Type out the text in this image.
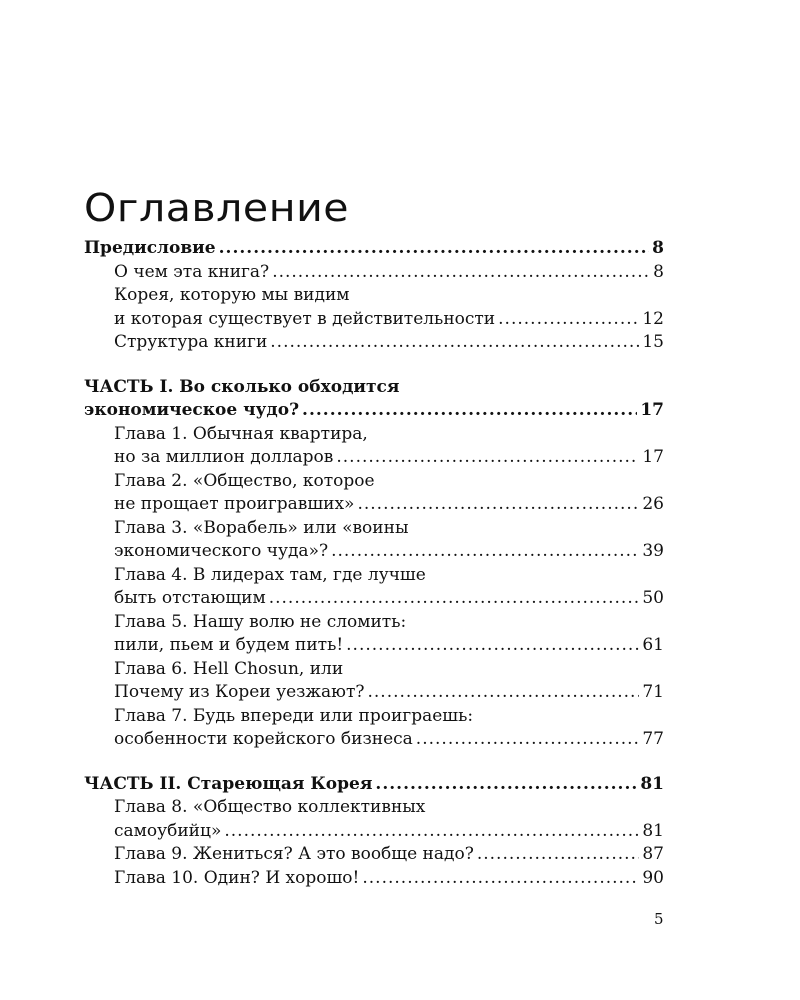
Оглавление
Предисловие .....	8
О чем эта книга? .....	8
Корея, которую мы видим
и которая существует в действительности .....	12
Структура книги .....	15
ЧАСТЬ I. Во сколько обходится
экономическое чудо? .....	17
Глава 1. Обычная квартира,
но за миллион долларов .....	17
Глава 2. «Общество, которое
не прощает проигравших» .....	26
Глава 3. «Ворабель» или «воины
экономического чуда»? .....	39
Глава 4. В лидерах там, где лучше
быть отстающим .....	50
Глава 5. Нашу волю не сломить:
пили, пьем и будем пить! .....	61
Глава 6. Hell Chosun, или
Почему из Кореи уезжают? .....	71
Глава 7. Будь впереди или проиграешь:
особенности корейского бизнеса .....	77
ЧАСТЬ II. Стареющая Корея .....	81
Глава 8. «Общество коллективных
самоубийц» .....	81
Глава 9. Жениться? А это вообще надо? .....	87
Глава 10. Один? И хорошо! .....	90
5
